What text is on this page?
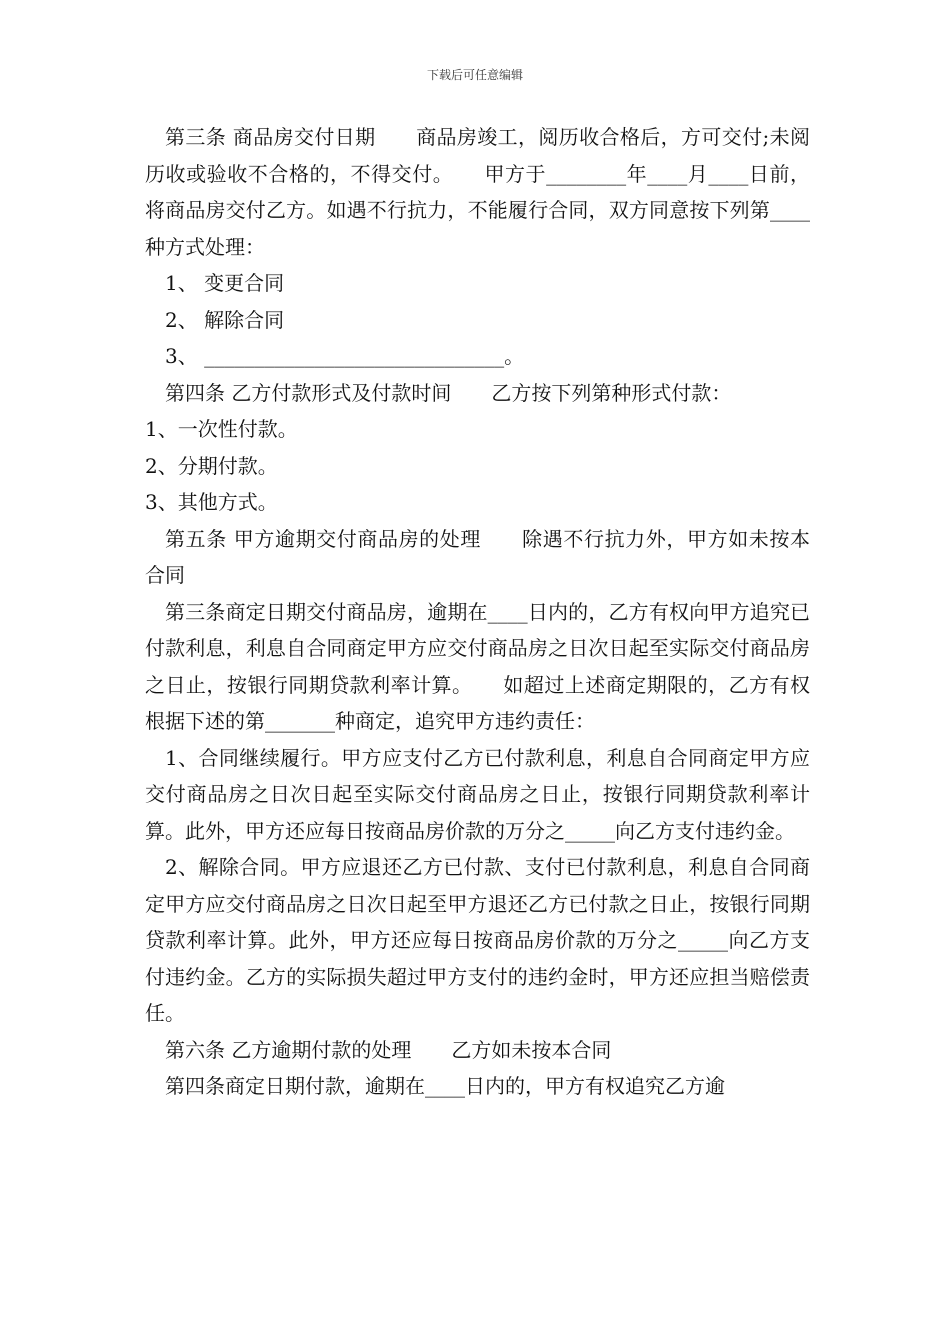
下载后可任意编辑

第三条 商品房交付日期　　商品房竣工，阅历收合格后，方可交付;未阅历收或验收不合格的，不得交付。　　甲方于________年____月____日前，将商品房交付乙方。如遇不行抗力，不能履行合同，双方同意按下列第____种方式处理：

1、 变更合同

2、 解除合同

3、 ______________________________。

第四条 乙方付款形式及付款时间　　乙方按下列第种形式付款：

1、一次性付款。

2、分期付款。

3、其他方式。

第五条 甲方逾期交付商品房的处理　　除遇不行抗力外，甲方如未按本合同

第三条商定日期交付商品房，逾期在____日内的，乙方有权向甲方追究已付款利息，利息自合同商定甲方应交付商品房之日次日起至实际交付商品房之日止，按银行同期贷款利率计算。　　如超过上述商定期限的，乙方有权根据下述的第_______种商定，追究甲方违约责任：

1、合同继续履行。甲方应支付乙方已付款利息，利息自合同商定甲方应交付商品房之日次日起至实际交付商品房之日止，按银行同期贷款利率计算。此外，甲方还应每日按商品房价款的万分之_____向乙方支付违约金。

2、解除合同。甲方应退还乙方已付款、支付已付款利息，利息自合同商定甲方应交付商品房之日次日起至甲方退还乙方已付款之日止，按银行同期贷款利率计算。此外，甲方还应每日按商品房价款的万分之_____向乙方支付违约金。乙方的实际损失超过甲方支付的违约金时，甲方还应担当赔偿责任。

第六条 乙方逾期付款的处理　　乙方如未按本合同

第四条商定日期付款，逾期在____日内的，甲方有权追究乙方逾
